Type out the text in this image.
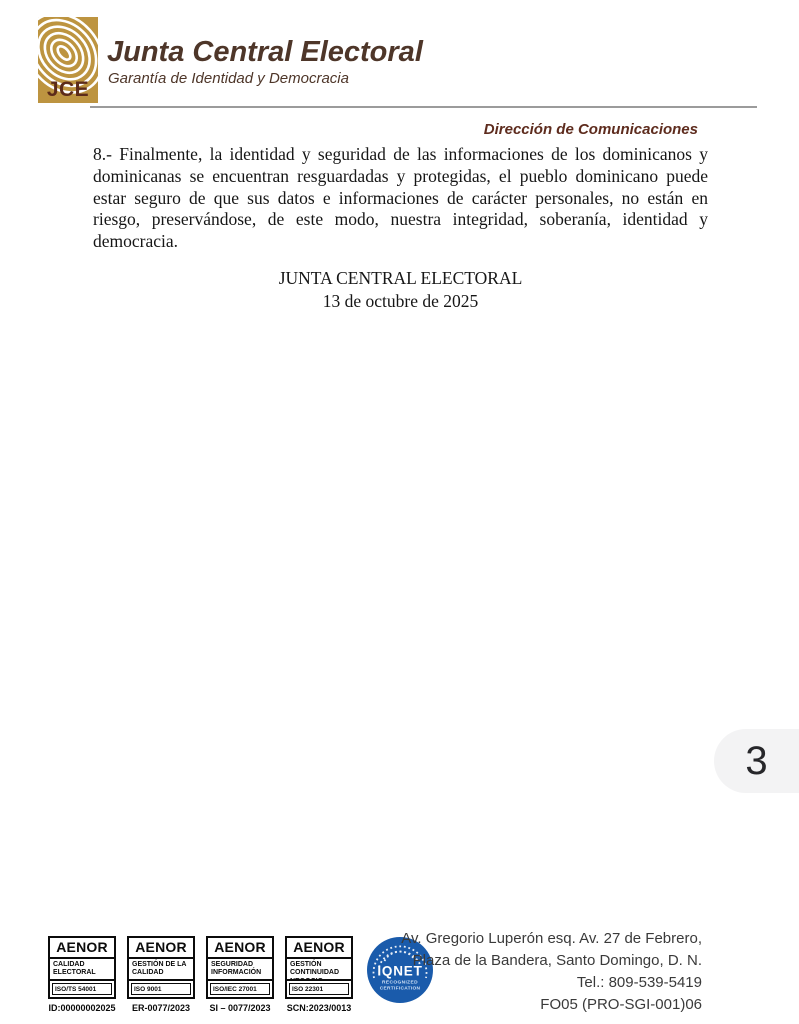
JCE
Junta Central Electoral
Garantía de Identidad y Democracia
Dirección de Comunicaciones

8.- Finalmente, la identidad y seguridad de las informaciones de los dominicanos y dominicanas se encuentran resguardadas y protegidas, el pueblo dominicano puede estar seguro de que sus datos e informaciones de carácter personales, no están en riesgo, preservándose, de este modo, nuestra integridad, soberanía, identidad y democracia.

JUNTA CENTRAL ELECTORAL
13 de octubre de 2025
3
AENOR
CALIDAD ELECTORAL
ISO/TS 54001
ID:00000002025
AENOR
GESTIÓN DE LA CALIDAD
ISO 9001
ER-0077/2023
AENOR
SEGURIDAD INFORMACIÓN
ISO/IEC 27001
SI – 0077/2023
AENOR
GESTIÓN CONTINUIDAD NEGOCIO
ISO 22301
SCN:2023/0013
IQNET
RECOGNIZED
CERTIFICATION
Av. Gregorio Luperón esq. Av. 27 de Febrero,
Plaza de la Bandera, Santo Domingo, D. N.
Tel.: 809-539-5419
FO05 (PRO-SGI-001)06
